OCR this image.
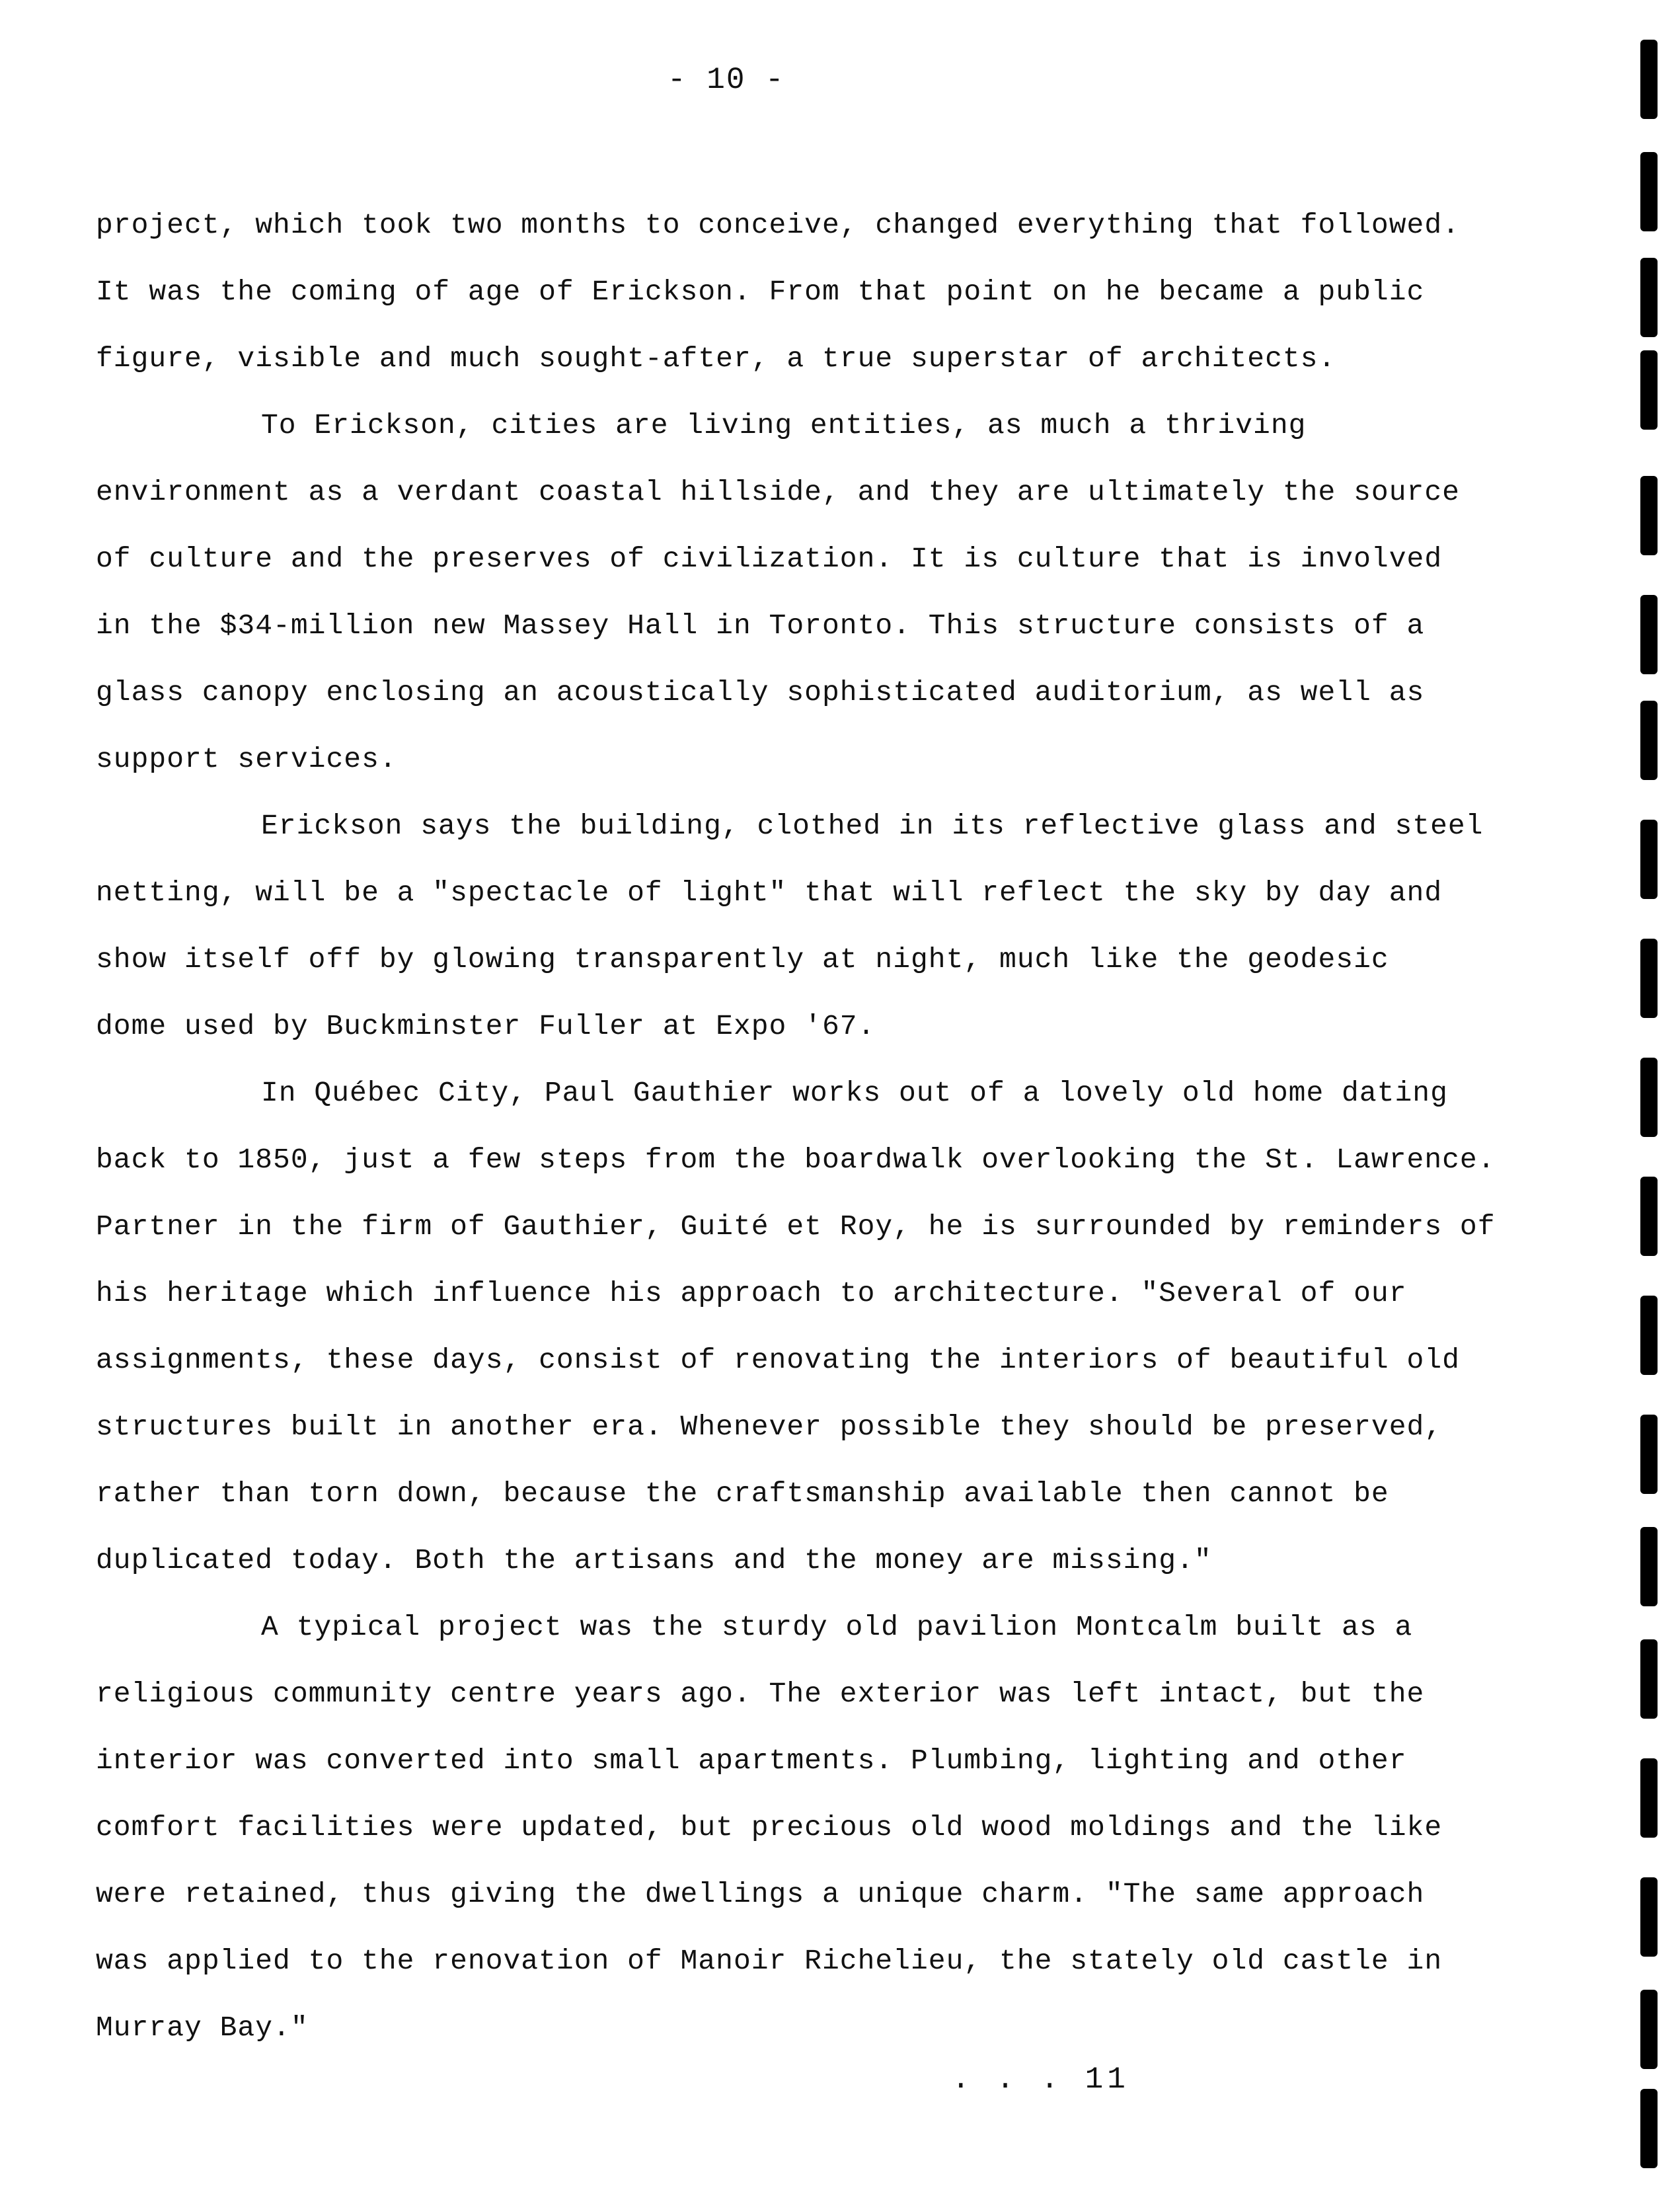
- 10 -
project, which took two months to conceive, changed everything that followed.
It was the coming of age of Erickson. From that point on he became a public
figure, visible and much sought-after, a true superstar of architects.
To Erickson, cities are living entities, as much a thriving
environment as a verdant coastal hillside, and they are ultimately the source
of culture and the preserves of civilization. It is culture that is involved
in the $34-million new Massey Hall in Toronto. This structure consists of a
glass canopy enclosing an acoustically sophisticated auditorium, as well as
support services.
Erickson says the building, clothed in its reflective glass and steel
netting, will be a "spectacle of light" that will reflect the sky by day and
show itself off by glowing transparently at night, much like the geodesic
dome used by Buckminster Fuller at Expo '67.
In Québec City, Paul Gauthier works out of a lovely old home dating
back to 1850, just a few steps from the boardwalk overlooking the St. Lawrence.
Partner in the firm of Gauthier, Guité et Roy, he is surrounded by reminders of
his heritage which influence his approach to architecture. "Several of our
assignments, these days, consist of renovating the interiors of beautiful old
structures built in another era. Whenever possible they should be preserved,
rather than torn down, because the craftsmanship available then cannot be
duplicated today. Both the artisans and the money are missing."
A typical project was the sturdy old pavilion Montcalm built as a
religious community centre years ago. The exterior was left intact, but the
interior was converted into small apartments. Plumbing, lighting and other
comfort facilities were updated, but precious old wood moldings and the like
were retained, thus giving the dwellings a unique charm. "The same approach
was applied to the renovation of Manoir Richelieu, the stately old castle in
Murray Bay."
. . . 11
